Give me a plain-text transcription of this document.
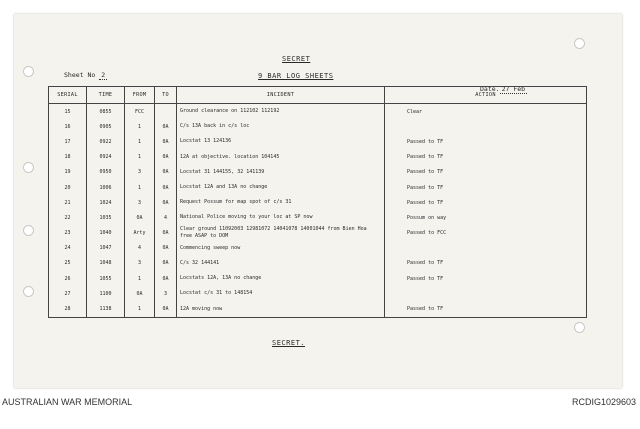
SECRET
9 BAR LOG SHEETS
Sheet No 2
Date. 27 Feb
SERIAL	TIME	FROM	TO	INCIDENT	ACTION
15	0855	FCC		Ground clearance on 112102 112192	Clear
16	0905	1	0A	C/s 13A back in c/s loc	
17	0922	1	0A	Locstat 13 124136	Passed to TF
18	0924	1	0A	12A at objective. location 104145	Passed to TF
19	0950	3	0A	Locstat 31 144155, 32 141139	Passed to TF
20	1006	1	0A	Locstat 12A and 13A no change	Passed to TF
21	1024	3	0A	Request Possum for map spot of c/s 31	Passed to TF
22	1035	0A	4	National Police moving to your loc at SP now	Possum on way
23	1040	Arty	0A	Clear ground 11092003 12981072 14041078 14001044 from Bien Hoa free ASAP to DOM	Passed to FCC
24	1047	4	0A	Commencing sweep now	
25	1048	3	0A	C/s 32 144141	Passed to TF
26	1055	1	0A	Locstats 12A, 13A no change	Passed to TF
27	1100	0A	3	Locstat c/s 31 to 148154	
28	1138	1	0A	12A moving now	Passed to TF
SECRET.
AUSTRALIAN WAR MEMORIAL	RCDIG1029603
